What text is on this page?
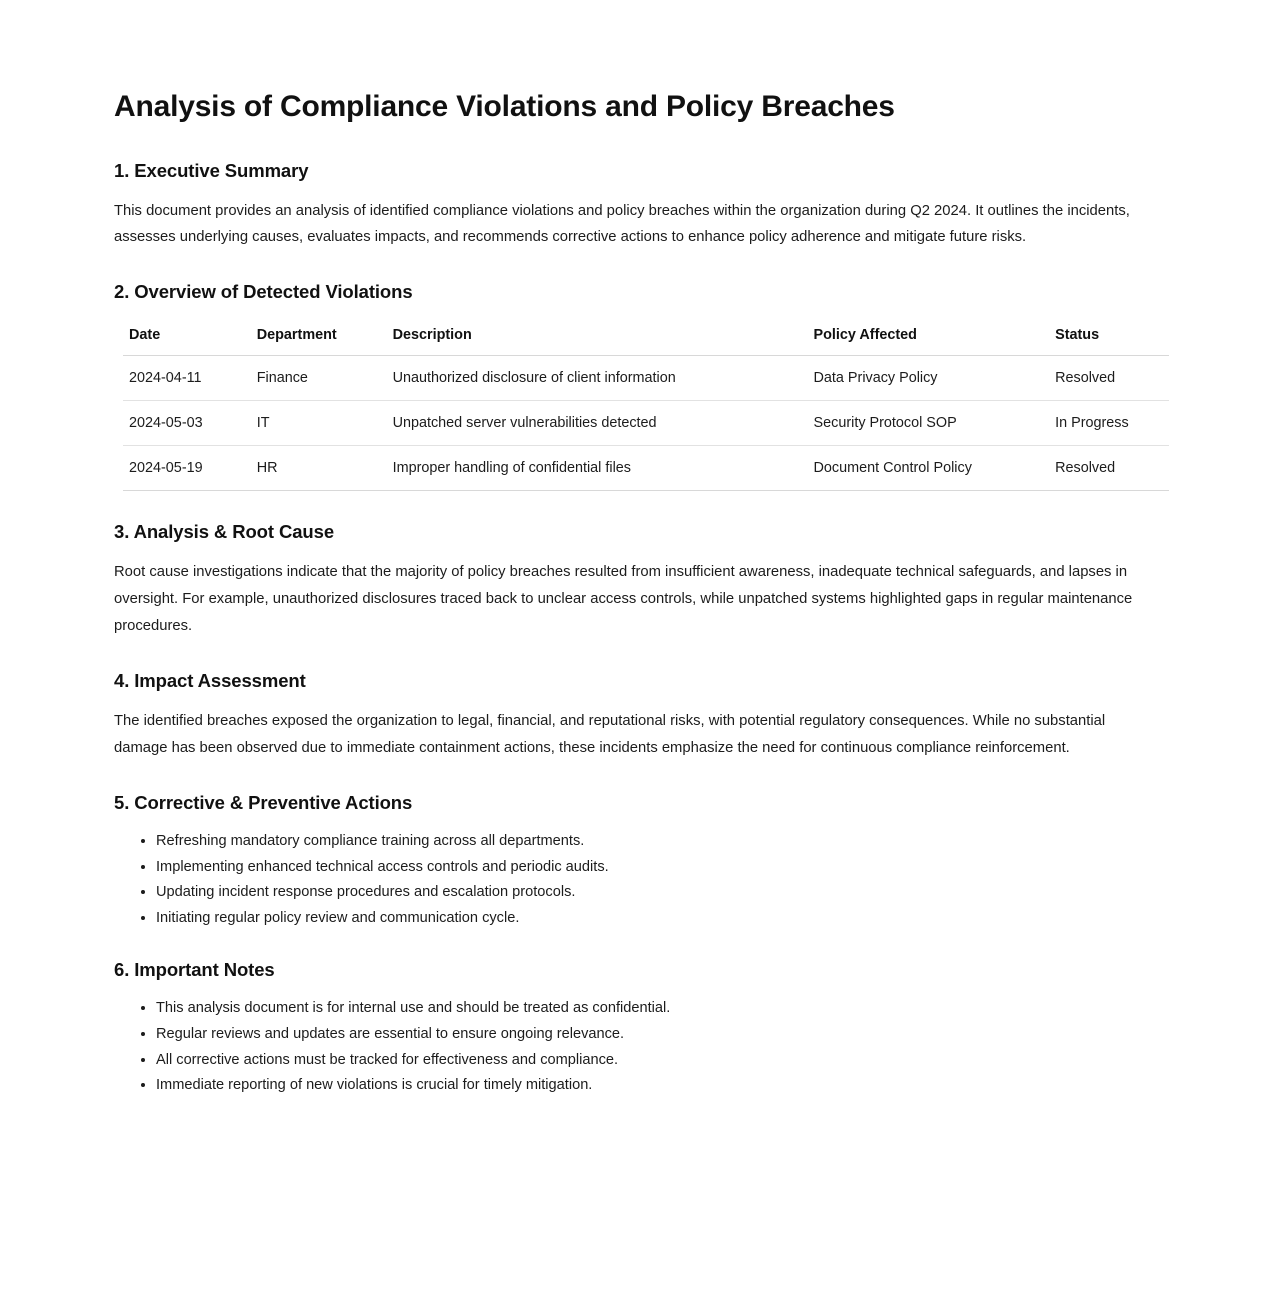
Analysis of Compliance Violations and Policy Breaches
1. Executive Summary

This document provides an analysis of identified compliance violations and policy breaches within the organization during Q2 2024. It outlines the incidents, assesses underlying causes, evaluates impacts, and recommends corrective actions to enhance policy adherence and mitigate future risks.

2. Overview of Detected Violations
Date	Department	Description	Policy Affected	Status
2024-04-11	Finance	Unauthorized disclosure of client information	Data Privacy Policy	Resolved
2024-05-03	IT	Unpatched server vulnerabilities detected	Security Protocol SOP	In Progress
2024-05-19	HR	Improper handling of confidential files	Document Control Policy	Resolved
3. Analysis & Root Cause

Root cause investigations indicate that the majority of policy breaches resulted from insufficient awareness, inadequate technical safeguards, and lapses in oversight. For example, unauthorized disclosures traced back to unclear access controls, while unpatched systems highlighted gaps in regular maintenance procedures.

4. Impact Assessment

The identified breaches exposed the organization to legal, financial, and reputational risks, with potential regulatory consequences. While no substantial damage has been observed due to immediate containment actions, these incidents emphasize the need for continuous compliance reinforcement.

5. Corrective & Preventive Actions
• Refreshing mandatory compliance training across all departments.
• Implementing enhanced technical access controls and periodic audits.
• Updating incident response procedures and escalation protocols.
• Initiating regular policy review and communication cycle.
6. Important Notes
• This analysis document is for internal use and should be treated as confidential.
• Regular reviews and updates are essential to ensure ongoing relevance.
• All corrective actions must be tracked for effectiveness and compliance.
• Immediate reporting of new violations is crucial for timely mitigation.
